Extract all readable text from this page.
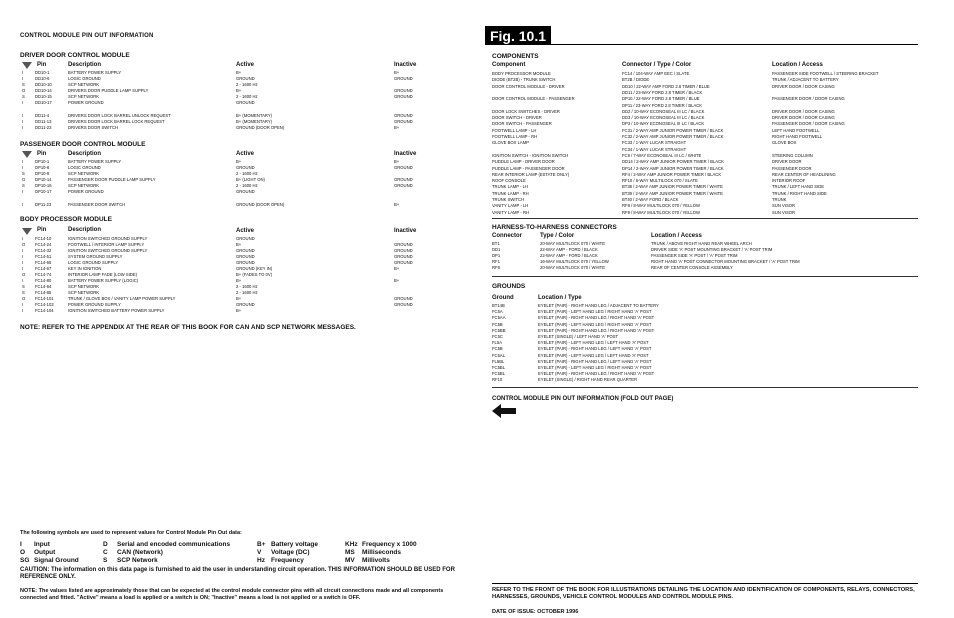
CONTROL MODULE PIN OUT INFORMATION
DRIVER DOOR CONTROL MODULE
Pin	Description	Active	Inactive
I	DD10-1	BATTERY POWER SUPPLY	B+	B+
I	DD10-6	LOGIC GROUND	GROUND	GROUND
S	DD10-10	SCP NETWORK	2 - 1600 Hz
O	DD10-14	DRIVERS DOOR PUDDLE LAMP SUPPLY	B+	GROUND
S	DD10-15	SCP NETWORK	2 - 1600 Hz	GROUND
I	DD10-17	POWER GROUND	GROUND
I	DD11-4	DRIVERS DOOR LOCK BARREL UNLOCK REQUEST	B+ (MOMENTARY)	GROUND
I	DD11-13	DRIVERS DOOR LOCK BARREL LOCK REQUEST	B+ (MOMENTARY)	GROUND
I	DD11-23	DRIVERS DOOR SWITCH	GROUND (DOOR OPEN)	B+
PASSENGER DOOR CONTROL MODULE
Pin	Description	Active	Inactive
I	DP10-1	BATTERY POWER SUPPLY	B+	B+
I	DP10-6	LOGIC GROUND	GROUND	GROUND
S	DP10-9	SCP NETWORK	2 - 1600 Hz
O	DP10-14	PASSENGER DOOR PUDDLE LAMP SUPPLY	B+ (LIGHT ON)	GROUND
S	DP10-16	SCP NETWORK	2 - 1600 Hz	GROUND
I	DP10-17	POWER GROUND	GROUND
I	DP11-23	PASSENGER DOOR SWITCH	GROUND (DOOR OPEN)	B+
BODY PROCESSOR MODULE
Pin	Description	Active	Inactive
I	FC14-10	IGNITION SWITCHED GROUND SUPPLY	GROUND
O	FC14-24	FOOTWELL / INTERIOR LAMP SUPPLY	B+	GROUND
I	FC14-32	IGNITION SWITCHED GROUND SUPPLY	GROUND	GROUND
I	FC14-51	SYSTEM GROUND SUPPLY	GROUND	GROUND
I	FC14-65	LOGIC GROUND SUPPLY	GROUND	GROUND
I	FC14-67	KEY IN IGNITION	GROUND (KEY IN)	B+
O	FC14-74	INTERIOR LAMP FADE (LOW SIDE)	B+ (FADES TO 0V)
I	FC14-80	BATTERY POWER SUPPLY (LOGIC)	B+	B+
S	FC14-84	SCP NETWORK	2 - 1600 Hz
S	FC14-85	SCP NETWORK	2 - 1600 Hz
O	FC14-101	TRUNK / GLOVE BOX / VANITY LAMP POWER SUPPLY	B+	GROUND
I	FC14-103	POWER GROUND SUPPLY	GROUND	GROUND
I	FC14-104	IGNITION SWITCHED BATTERY POWER SUPPLY	B+
NOTE: REFER TO THE APPENDIX AT THE REAR OF THIS BOOK FOR CAN AND SCP NETWORK MESSAGES.
The following symbols are used to represent values for Control Module Pin Out data:
I Input	D Serial and encoded communications	B+ Battery voltage	KHz Frequency x 1000
O Output	C CAN (Network)	V Voltage (DC)	MS Milliseconds
SG Signal Ground	S SCP Network	Hz Frequency	MV Millivolts
CAUTION: The information on this data page is furnished to aid the user in understanding circuit operation. THIS INFORMATION SHOULD BE USED FOR REFERENCE ONLY.
NOTE: The values listed are approximately those that can be expected at the control module connector pins with all circuit connections made and all components connected and fitted. "Active" means a load is applied or a switch is ON; "Inactive" means a load is not applied or a switch is OFF.
Fig. 10.1
COMPONENTS
Component	Connector / Type / Color	Location / Access
BODY PROCESSOR MODULE	FC14 / 104-WAY AMP EEC / SLATE	PASSENGER SIDE FOOTWELL / STEERING BRACKET
DIODE (BT2B) - TRUNK SWITCH	BT2B / DIODE	TRUNK / ADJACENT TO BATTERY
DOOR CONTROL MODULE - DRIVER	DD10 / 22-WAY AMP FORD 2.8 TIMER / BLUE	DRIVER DOOR / DOOR CASING
DD11 / 23-WAY FORD 2.8 TIMER / BLACK
DOOR CONTROL MODULE - PASSENGER	DP10 / 22-WAY FORD 2.8 TIMER / BLUE	PASSENGER DOOR / DOOR CASING
DP11 / 23-WAY FORD 2.8 TIMER / BLACK
DOOR LOCK SWITCHES - DRIVER	DD2 / 10-WAY ECONOSEAL III LC / BLACK	DRIVER DOOR / DOOR CASING
DOOR SWITCH - DRIVER	DD3 / 10-WAY ECONOSEAL III LC / BLACK	DRIVER DOOR / DOOR CASING
DOOR SWITCH - PASSENGER	DP3 / 10-WAY ECONOSEAL III LC / BLACK	PASSENGER DOOR / DOOR CASING
FOOTWELL LAMP - LH	FC31 / 2-WAY AMP JUNIOR POWER TIMER / BLACK	LEFT HAND FOOTWELL
FOOTWELL LAMP - RH	FC32 / 2-WAY AMP JUNIOR POWER TIMER / BLACK	RIGHT HAND FOOTWELL
GLOVE BOX LAMP	FC33 / 1-WAY LUCAR STRAIGHT	GLOVE BOX
FC34 / 1-WAY LUCAR STRAIGHT
IGNITION SWITCH - IGNITION SWITCH	FC9 / 7-WAY ECONOSEAL III LC / WHITE	STEERING COLUMN
PUDDLE LAMP - DRIVER DOOR	DD14 / 2-WAY AMP JUNIOR POWER TIMER / BLACK	DRIVER DOOR
PUDDLE LAMP - PASSENGER DOOR	DP14 / 2-WAY AMP JUNIOR POWER TIMER / BLACK	PASSENGER DOOR
REAR INTERIOR LAMP (ESTATE ONLY)	RF4 / 2-WAY AMP JUNIOR POWER TIMER / BLACK	REAR CENTER OF HEADLINING
ROOF CONSOLE	RF10 / 6-WAY MULTILOCK 070 / SLATE	INTERIOR ROOF
TRUNK LAMP - LH	BT38 / 2-WAY AMP JUNIOR POWER TIMER / WHITE	TRUNK / LEFT HAND SIDE
TRUNK LAMP - RH	BT39 / 2-WAY AMP JUNIOR POWER TIMER / WHITE	TRUNK / RIGHT HAND SIDE
TRUNK SWITCH	BT40 / 2-WAY FORD / BLACK	TRUNK
VANITY LAMP - LH	RF8 / 8-WAY MULTILOCK 070 / YELLOW	SUN VISOR
VANITY LAMP - RH	RF9 / 8-WAY MULTILOCK 070 / YELLOW	SUN VISOR
HARNESS-TO-HARNESS CONNECTORS
Connector	Type / Color	Location / Access
BT1	20-WAY MULTILOCK 070 / WHITE	TRUNK / ABOVE RIGHT HAND REAR WHEEL ARCH
DD1	22-WAY AMP - FORD / BLACK	DRIVER SIDE 'A' POST MOUNTING BRACKET / 'A' POST TRIM
DP1	22-WAY AMP - FORD / BLACK	PASSENGER SIDE 'A' POST / 'A' POST TRIM
RF1	16-WAY MULTILOCK 070 / YELLOW	RIGHT HAND 'A' POST CONNECTOR MOUNTING BRACKET / 'A' POST TRIM
RF6	20-WAY MULTILOCK 070 / WHITE	REAR OF CENTER CONSOLE ASSEMBLY
GROUNDS
Ground	Location / Type
BT14B	EYELET (PAIR) - RIGHT HAND LEG / ADJACENT TO BATTERY
FC5A	EYELET (PAIR) - LEFT HAND LEG / RIGHT HAND 'A' POST
FC5AA	EYELET (PAIR) - RIGHT HAND LEG / RIGHT HAND 'A' POST
FC5B	EYELET (PAIR) - LEFT HAND LEG / RIGHT HAND 'A' POST
FC5BB	EYELET (PAIR) - RIGHT HAND LEG / RIGHT HAND 'A' POST
FC5C	EYELET (SINGLE) / LEFT HAND 'A' POST
FL5A	EYELET (PAIR) - LEFT HAND LEG / LEFT HAND 'A' POST
FC5B	EYELET (PAIR) - RIGHT HAND LEG / LEFT HAND 'A' POST
FC5AL	EYELET (PAIR) - LEFT HAND LEG / LEFT HAND 'A' POST
FL5BL	EYELET (PAIR) - RIGHT HAND LEG / LEFT HAND 'A' POST
FC5BL	EYELET (PAIR) - LEFT HAND LEG / RIGHT HAND 'A' POST
FC5BL	EYELET (PAIR) - RIGHT HAND LEG / RIGHT HAND 'A' POST
RF10	EYELET (SINGLE) / RIGHT HAND REAR QUARTER
CONTROL MODULE PIN OUT INFORMATION (FOLD OUT PAGE)
REFER TO THE FRONT OF THE BOOK FOR ILLUSTRATIONS DETAILING THE LOCATION AND IDENTIFICATION OF COMPONENTS, RELAYS, CONNECTORS, HARNESSES, GROUNDS, VEHICLE CONTROL MODULES AND CONTROL MODULE PINS.
DATE OF ISSUE: OCTOBER 1996
